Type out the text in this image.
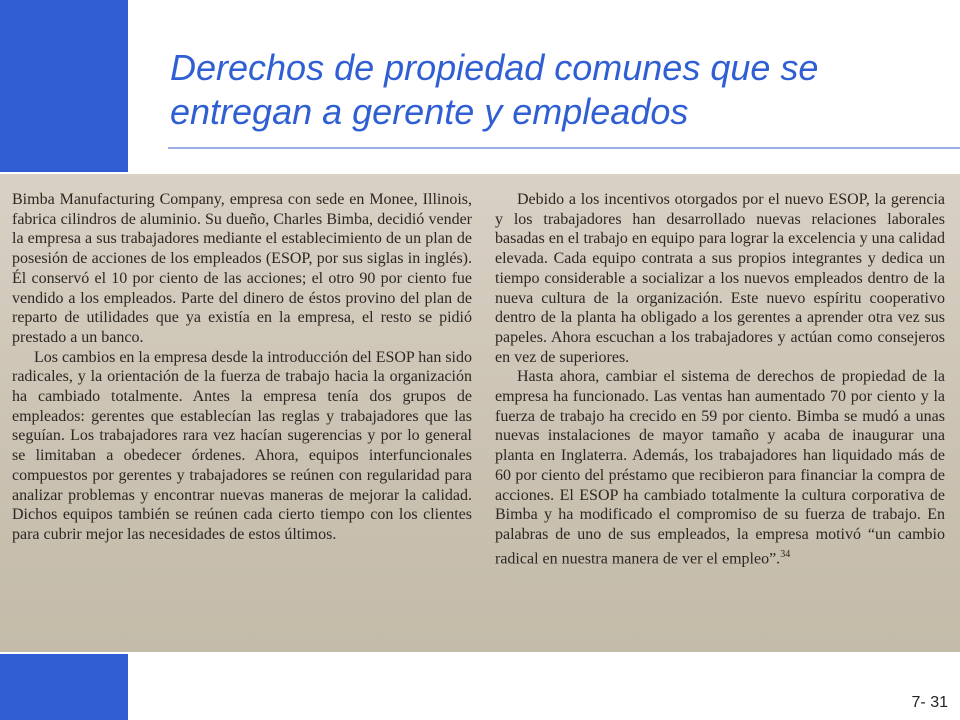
Derechos de propiedad comunes que se entregan a gerente y empleados

Bimba Manufacturing Company, empresa con sede en Monee, Illinois, fabrica cilindros de aluminio. Su dueño, Charles Bimba, decidió vender la empresa a sus trabajadores mediante el establecimiento de un plan de posesión de acciones de los empleados (ESOP, por sus siglas in inglés). Él conservó el 10 por ciento de las acciones; el otro 90 por ciento fue vendido a los empleados. Parte del dinero de éstos provino del plan de reparto de utilidades que ya existía en la empresa, el resto se pidió prestado a un banco.

Los cambios en la empresa desde la introducción del ESOP han sido radicales, y la orientación de la fuerza de trabajo hacia la organización ha cambiado totalmente. Antes la empresa tenía dos grupos de empleados: gerentes que establecían las reglas y trabajadores que las seguían. Los trabajadores rara vez hacían sugerencias y por lo general se limitaban a obedecer órdenes. Ahora, equipos interfuncionales compuestos por gerentes y trabajadores se reúnen con regularidad para analizar problemas y encontrar nuevas maneras de mejorar la calidad. Dichos equipos también se reúnen cada cierto tiempo con los clientes para cubrir mejor las necesidades de estos últimos.

Debido a los incentivos otorgados por el nuevo ESOP, la gerencia y los trabajadores han desarrollado nuevas relaciones laborales basadas en el trabajo en equipo para lograr la excelencia y una calidad elevada. Cada equipo contrata a sus propios integrantes y dedica un tiempo considerable a socializar a los nuevos empleados dentro de la nueva cultura de la organización. Este nuevo espíritu cooperativo dentro de la planta ha obligado a los gerentes a aprender otra vez sus papeles. Ahora escuchan a los trabajadores y actúan como consejeros en vez de superiores.

Hasta ahora, cambiar el sistema de derechos de propiedad de la empresa ha funcionado. Las ventas han aumentado 70 por ciento y la fuerza de trabajo ha crecido en 59 por ciento. Bimba se mudó a unas nuevas instalaciones de mayor tamaño y acaba de inaugurar una planta en Inglaterra. Además, los trabajadores han liquidado más de 60 por ciento del préstamo que recibieron para financiar la compra de acciones. El ESOP ha cambiado totalmente la cultura corporativa de Bimba y ha modificado el compromiso de su fuerza de trabajo. En palabras de uno de sus empleados, la empresa motivó “un cambio radical en nuestra manera de ver el empleo”.$^{34}$

7- 31
